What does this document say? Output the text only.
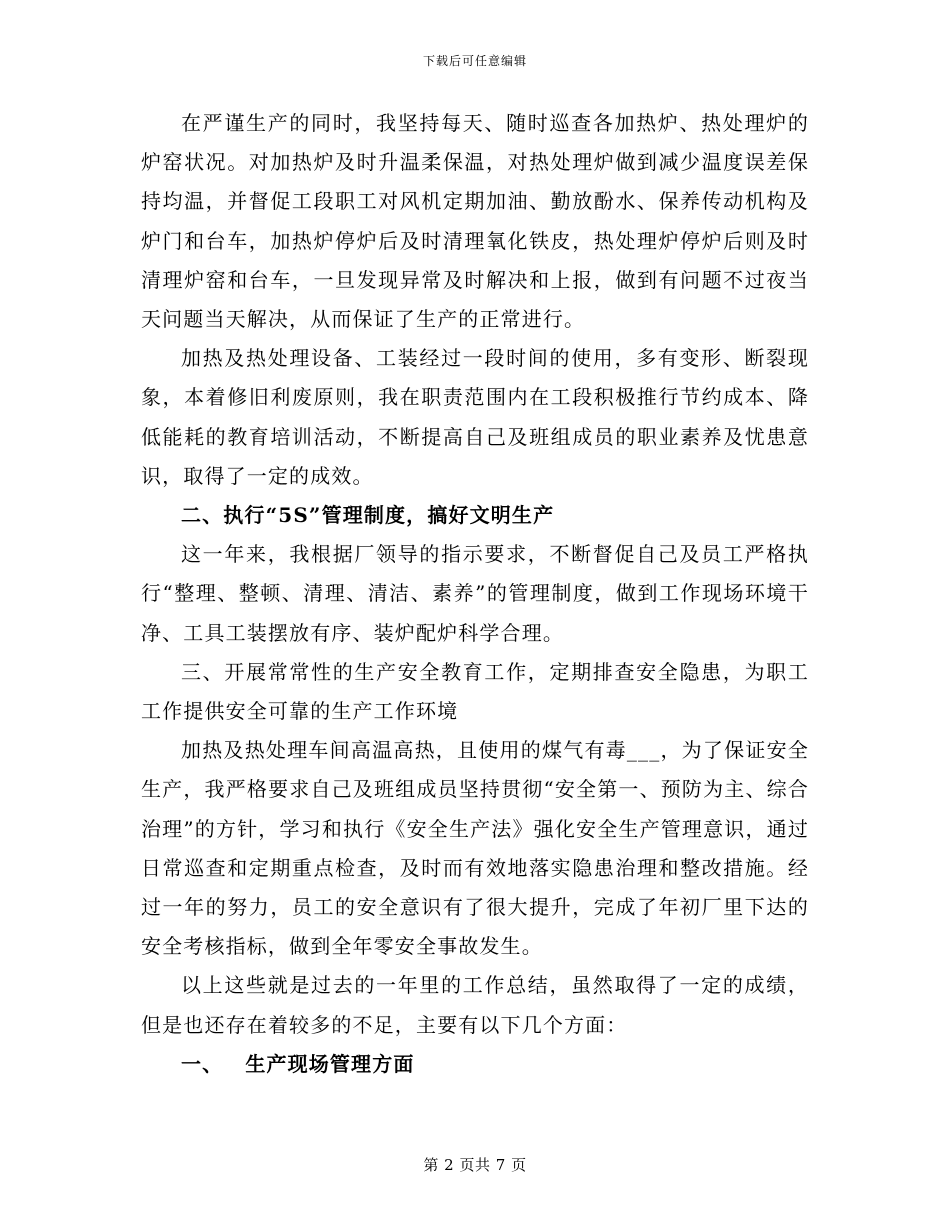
下载后可任意编辑

在严谨生产的同时，我坚持每天、随时巡查各加热炉、热处理炉的炉窑状况。对加热炉及时升温柔保温，对热处理炉做到减少温度误差保持均温，并督促工段职工对风机定期加油、勤放酚水、保养传动机构及炉门和台车，加热炉停炉后及时清理氧化铁皮，热处理炉停炉后则及时清理炉窑和台车，一旦发现异常及时解决和上报，做到有问题不过夜当天问题当天解决，从而保证了生产的正常进行。

加热及热处理设备、工装经过一段时间的使用，多有变形、断裂现象，本着修旧利废原则，我在职责范围内在工段积极推行节约成本、降低能耗的教育培训活动，不断提高自己及班组成员的职业素养及忧患意识，取得了一定的成效。

二、执行“5S”管理制度，搞好文明生产

这一年来，我根据厂领导的指示要求，不断督促自己及员工严格执行“整理、整顿、清理、清洁、素养”的管理制度，做到工作现场环境干净、工具工装摆放有序、装炉配炉科学合理。

三、开展常常性的生产安全教育工作，定期排查安全隐患，为职工工作提供安全可靠的生产工作环境

加热及热处理车间高温高热，且使用的煤气有毒___，为了保证安全生产，我严格要求自己及班组成员坚持贯彻“安全第一、预防为主、综合治理”的方针，学习和执行《安全生产法》强化安全生产管理意识，通过日常巡查和定期重点检查，及时而有效地落实隐患治理和整改措施。经过一年的努力，员工的安全意识有了很大提升，完成了年初厂里下达的安全考核指标，做到全年零安全事故发生。

以上这些就是过去的一年里的工作总结，虽然取得了一定的成绩，但是也还存在着较多的不足，主要有以下几个方面：

一、 生产现场管理方面

第 2 页共 7 页
